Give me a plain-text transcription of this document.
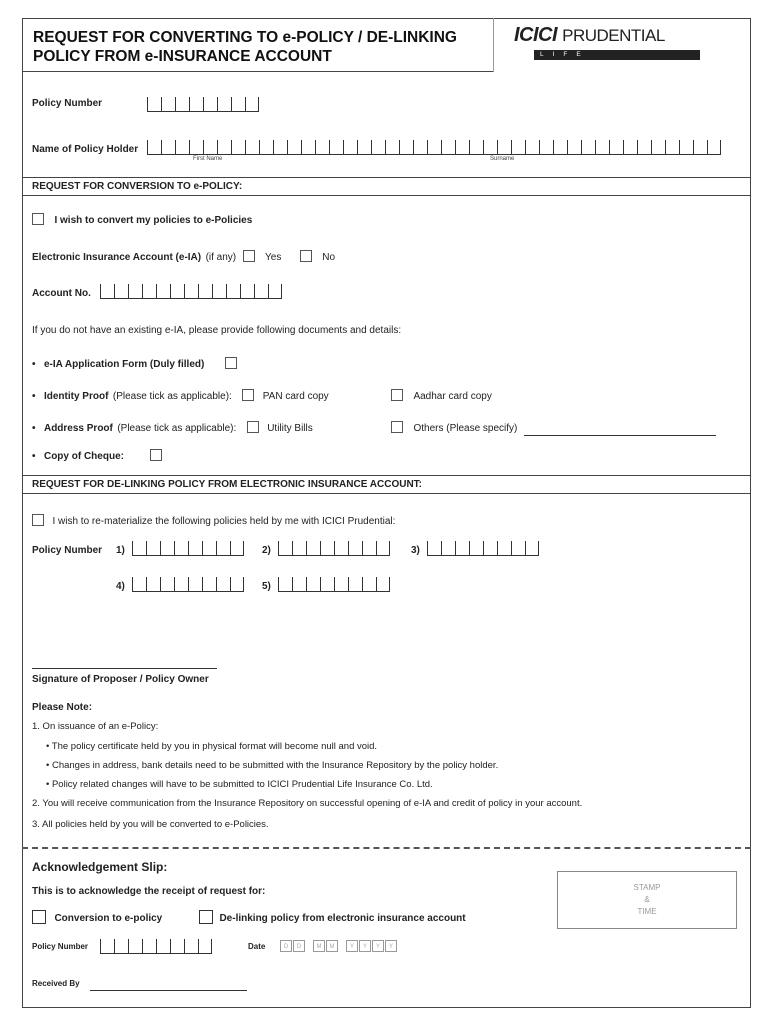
REQUEST FOR CONVERTING TO e-POLICY / DE-LINKING
POLICY FROM e-INSURANCE ACCOUNT
ICICI PRUDENTIAL
LIFE INSURANCE
Policy Number
Name of Policy Holder
First Name	Surname
REQUEST FOR CONVERSION TO e-POLICY:
I wish to convert my policies to e-Policies
Electronic Insurance Account (e-IA) (if any)	Yes	No
Account No.
If you do not have an existing e-IA, please provide following documents and details:
• e-IA Application Form (Duly filled)
• Identity Proof (Please tick as applicable):	PAN card copy	Aadhar card copy
• Address Proof (Please tick as applicable):	Utility Bills	Others (Please specify)
• Copy of Cheque:
REQUEST FOR DE-LINKING POLICY FROM ELECTRONIC INSURANCE ACCOUNT:
I wish to re-materialize the following policies held by me with ICICI Prudential:
Policy Number 1)	2)	3)
4)	5)
Signature of Proposer / Policy Owner
Please Note:
1. On issuance of an e-Policy:
• The policy certificate held by you in physical format will become null and void.
• Changes in address, bank details need to be submitted with the Insurance Repository by the policy holder.
• Policy related changes will have to be submitted to ICICI Prudential Life Insurance Co. Ltd.
2. You will receive communication from the Insurance Repository on successful opening of e-IA and credit of policy in your account.
3. All policies held by you will be converted to e-Policies.
Acknowledgement Slip:
This is to acknowledge the receipt of request for:
Conversion to e-policy	De-linking policy from electronic insurance account
STAMP
&
TIME
Policy Number	Date	D	D	M	M	Y	Y	Y	Y
Received By
